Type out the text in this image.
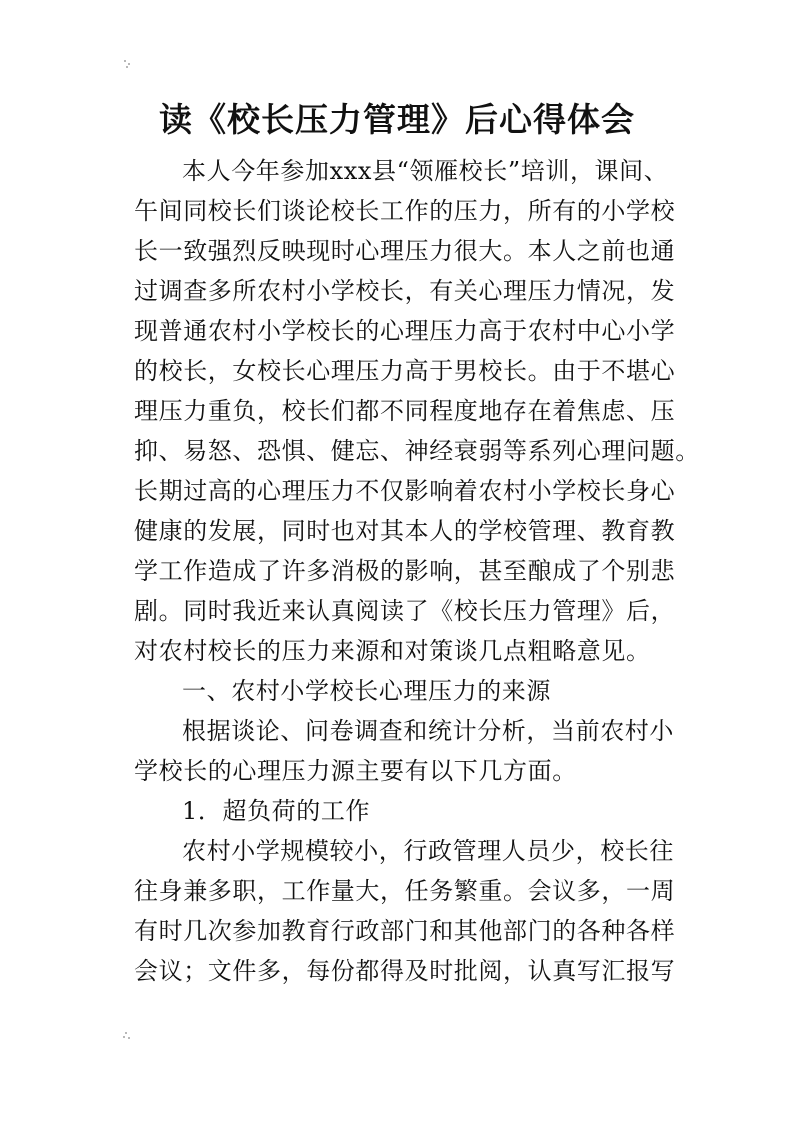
读《校长压力管理》后心得体会
本人今年参加xxx县“领雁校长”培训，课间、
午间同校长们谈论校长工作的压力，所有的小学校
长一致强烈反映现时心理压力很大。本人之前也通
过调查多所农村小学校长，有关心理压力情况，发
现普通农村小学校长的心理压力高于农村中心小学
的校长，女校长心理压力高于男校长。由于不堪心
理压力重负，校长们都不同程度地存在着焦虑、压
抑、易怒、恐惧、健忘、神经衰弱等系列心理问题。
长期过高的心理压力不仅影响着农村小学校长身心
健康的发展，同时也对其本人的学校管理、教育教
学工作造成了许多消极的影响，甚至酿成了个别悲
剧。同时我近来认真阅读了《校长压力管理》后，
对农村校长的压力来源和对策谈几点粗略意见。
一、农村小学校长心理压力的来源
根据谈论、问卷调查和统计分析，当前农村小
学校长的心理压力源主要有以下几方面。
1．超负荷的工作
农村小学规模较小，行政管理人员少，校长往
往身兼多职，工作量大，任务繁重。会议多，一周
有时几次参加教育行政部门和其他部门的各种各样
会议；文件多，每份都得及时批阅，认真写汇报写
